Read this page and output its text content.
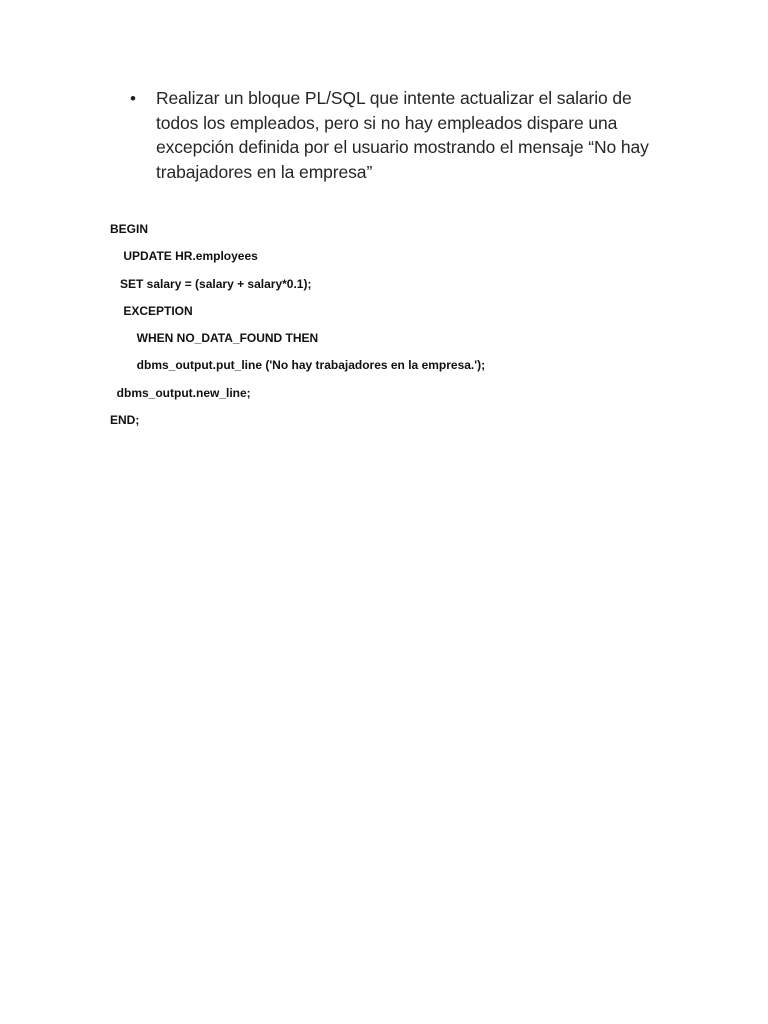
•	Realizar un bloque PL/SQL que intente actualizar el salario de todos los empleados, pero si no hay empleados dispare una excepción definida por el usuario mostrando el mensaje “No hay trabajadores en la empresa”
BEGIN
UPDATE HR.employees
SET salary = (salary + salary*0.1);
EXCEPTION
WHEN NO_DATA_FOUND THEN
dbms_output.put_line ('No hay trabajadores en la empresa.');
dbms_output.new_line;
END;
